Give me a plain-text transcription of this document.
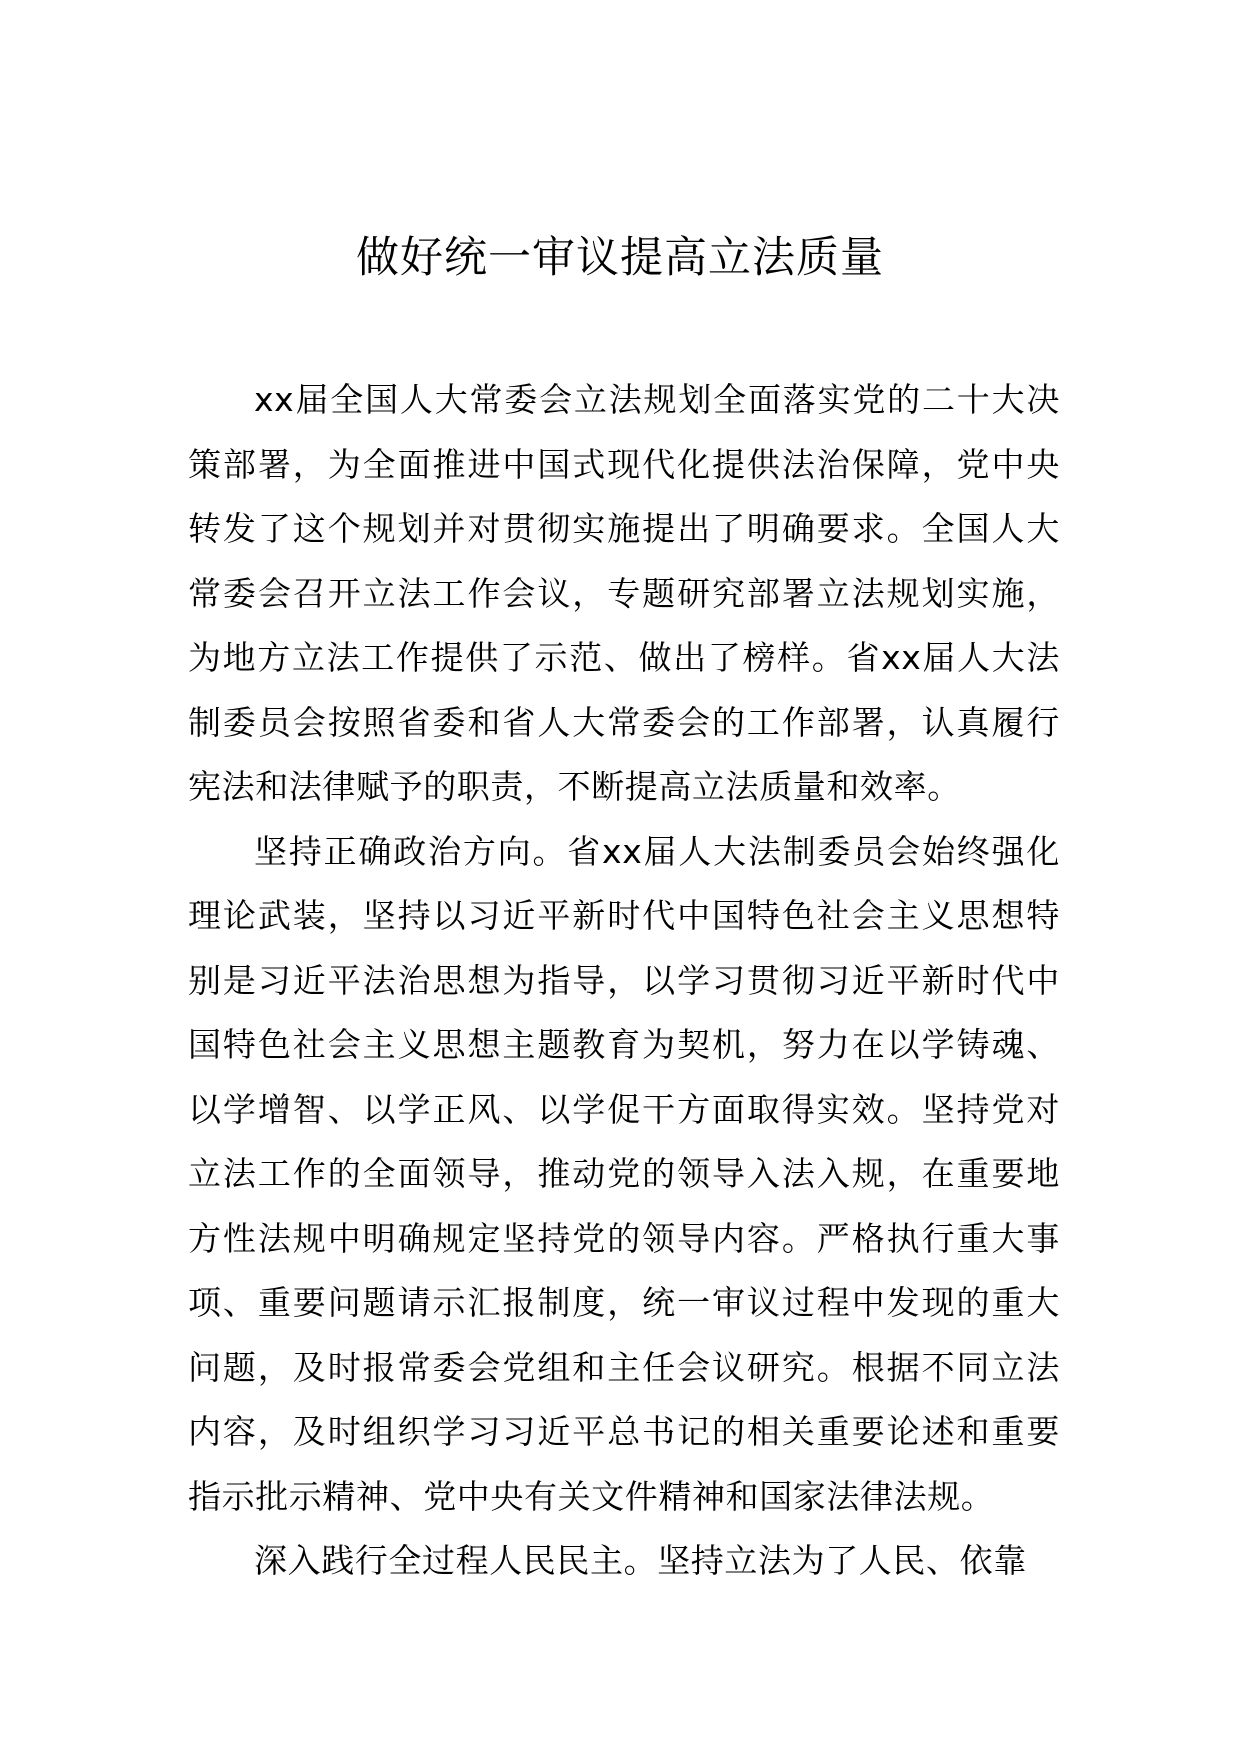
做好统一审议提高立法质量

xx届全国人大常委会立法规划全面落实党的二十大决策部署，为全面推进中国式现代化提供法治保障，党中央转发了这个规划并对贯彻实施提出了明确要求。全国人大常委会召开立法工作会议，专题研究部署立法规划实施，为地方立法工作提供了示范、做出了榜样。省xx届人大法制委员会按照省委和省人大常委会的工作部署，认真履行宪法和法律赋予的职责，不断提高立法质量和效率。

坚持正确政治方向。省xx届人大法制委员会始终强化理论武装，坚持以习近平新时代中国特色社会主义思想特别是习近平法治思想为指导，以学习贯彻习近平新时代中国特色社会主义思想主题教育为契机，努力在以学铸魂、以学增智、以学正风、以学促干方面取得实效。坚持党对立法工作的全面领导，推动党的领导入法入规，在重要地方性法规中明确规定坚持党的领导内容。严格执行重大事项、重要问题请示汇报制度，统一审议过程中发现的重大问题，及时报常委会党组和主任会议研究。根据不同立法内容，及时组织学习习近平总书记的相关重要论述和重要指示批示精神、党中央有关文件精神和国家法律法规。

深入践行全过程人民民主。坚持立法为了人民、依靠
